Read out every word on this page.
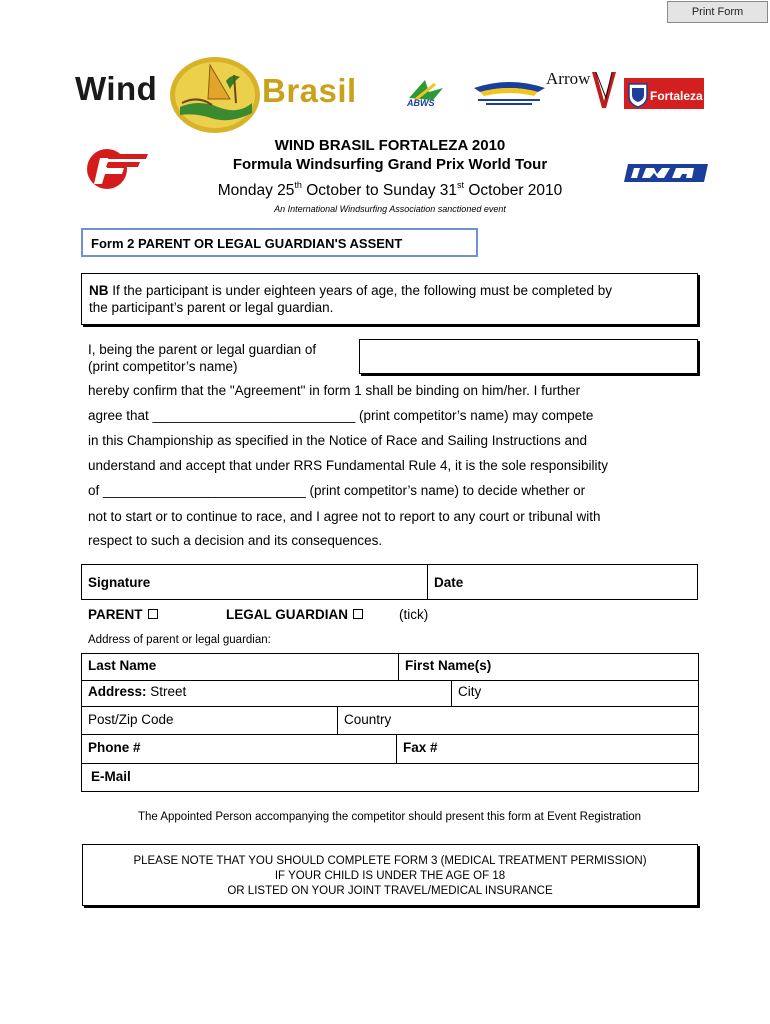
Print Form
Wind	Brasil	ABWS
Arrow
Fortaleza
WIND BRASIL FORTALEZA 2010
Formula Windsurfing Grand Prix World Tour
Monday 25th October to Sunday 31st October 2010
An International Windsurfing Association sanctioned event
Form 2 PARENT OR LEGAL GUARDIAN'S ASSENT
NB If the participant is under eighteen years of age, the following must be completed by
the participant’s parent or legal guardian.
I, being the parent or legal guardian of
(print competitor’s name)
hereby confirm that the "Agreement" in form 1 shall be binding on him/her. I further
agree that ___________________________ (print competitor’s name) may compete
in this Championship as specified in the Notice of Race and Sailing Instructions and
understand and accept that under RRS Fundamental Rule 4, it is the sole responsibility
of ___________________________ (print competitor’s name) to decide whether or
not to start or to continue to race, and I agree not to report to any court or tribunal with
respect to such a decision and its consequences.
Signature	Date
PARENT	LEGAL GUARDIAN	(tick)
Address of parent or legal guardian:
Last Name	First Name(s)
Address: Street	City
Post/Zip Code	Country
Phone #	Fax #
E-Mail
The Appointed Person accompanying the competitor should present this form at Event Registration
PLEASE NOTE THAT YOU SHOULD COMPLETE FORM 3 (MEDICAL TREATMENT PERMISSION)
IF YOUR CHILD IS UNDER THE AGE OF 18
OR LISTED ON YOUR JOINT TRAVEL/MEDICAL INSURANCE
